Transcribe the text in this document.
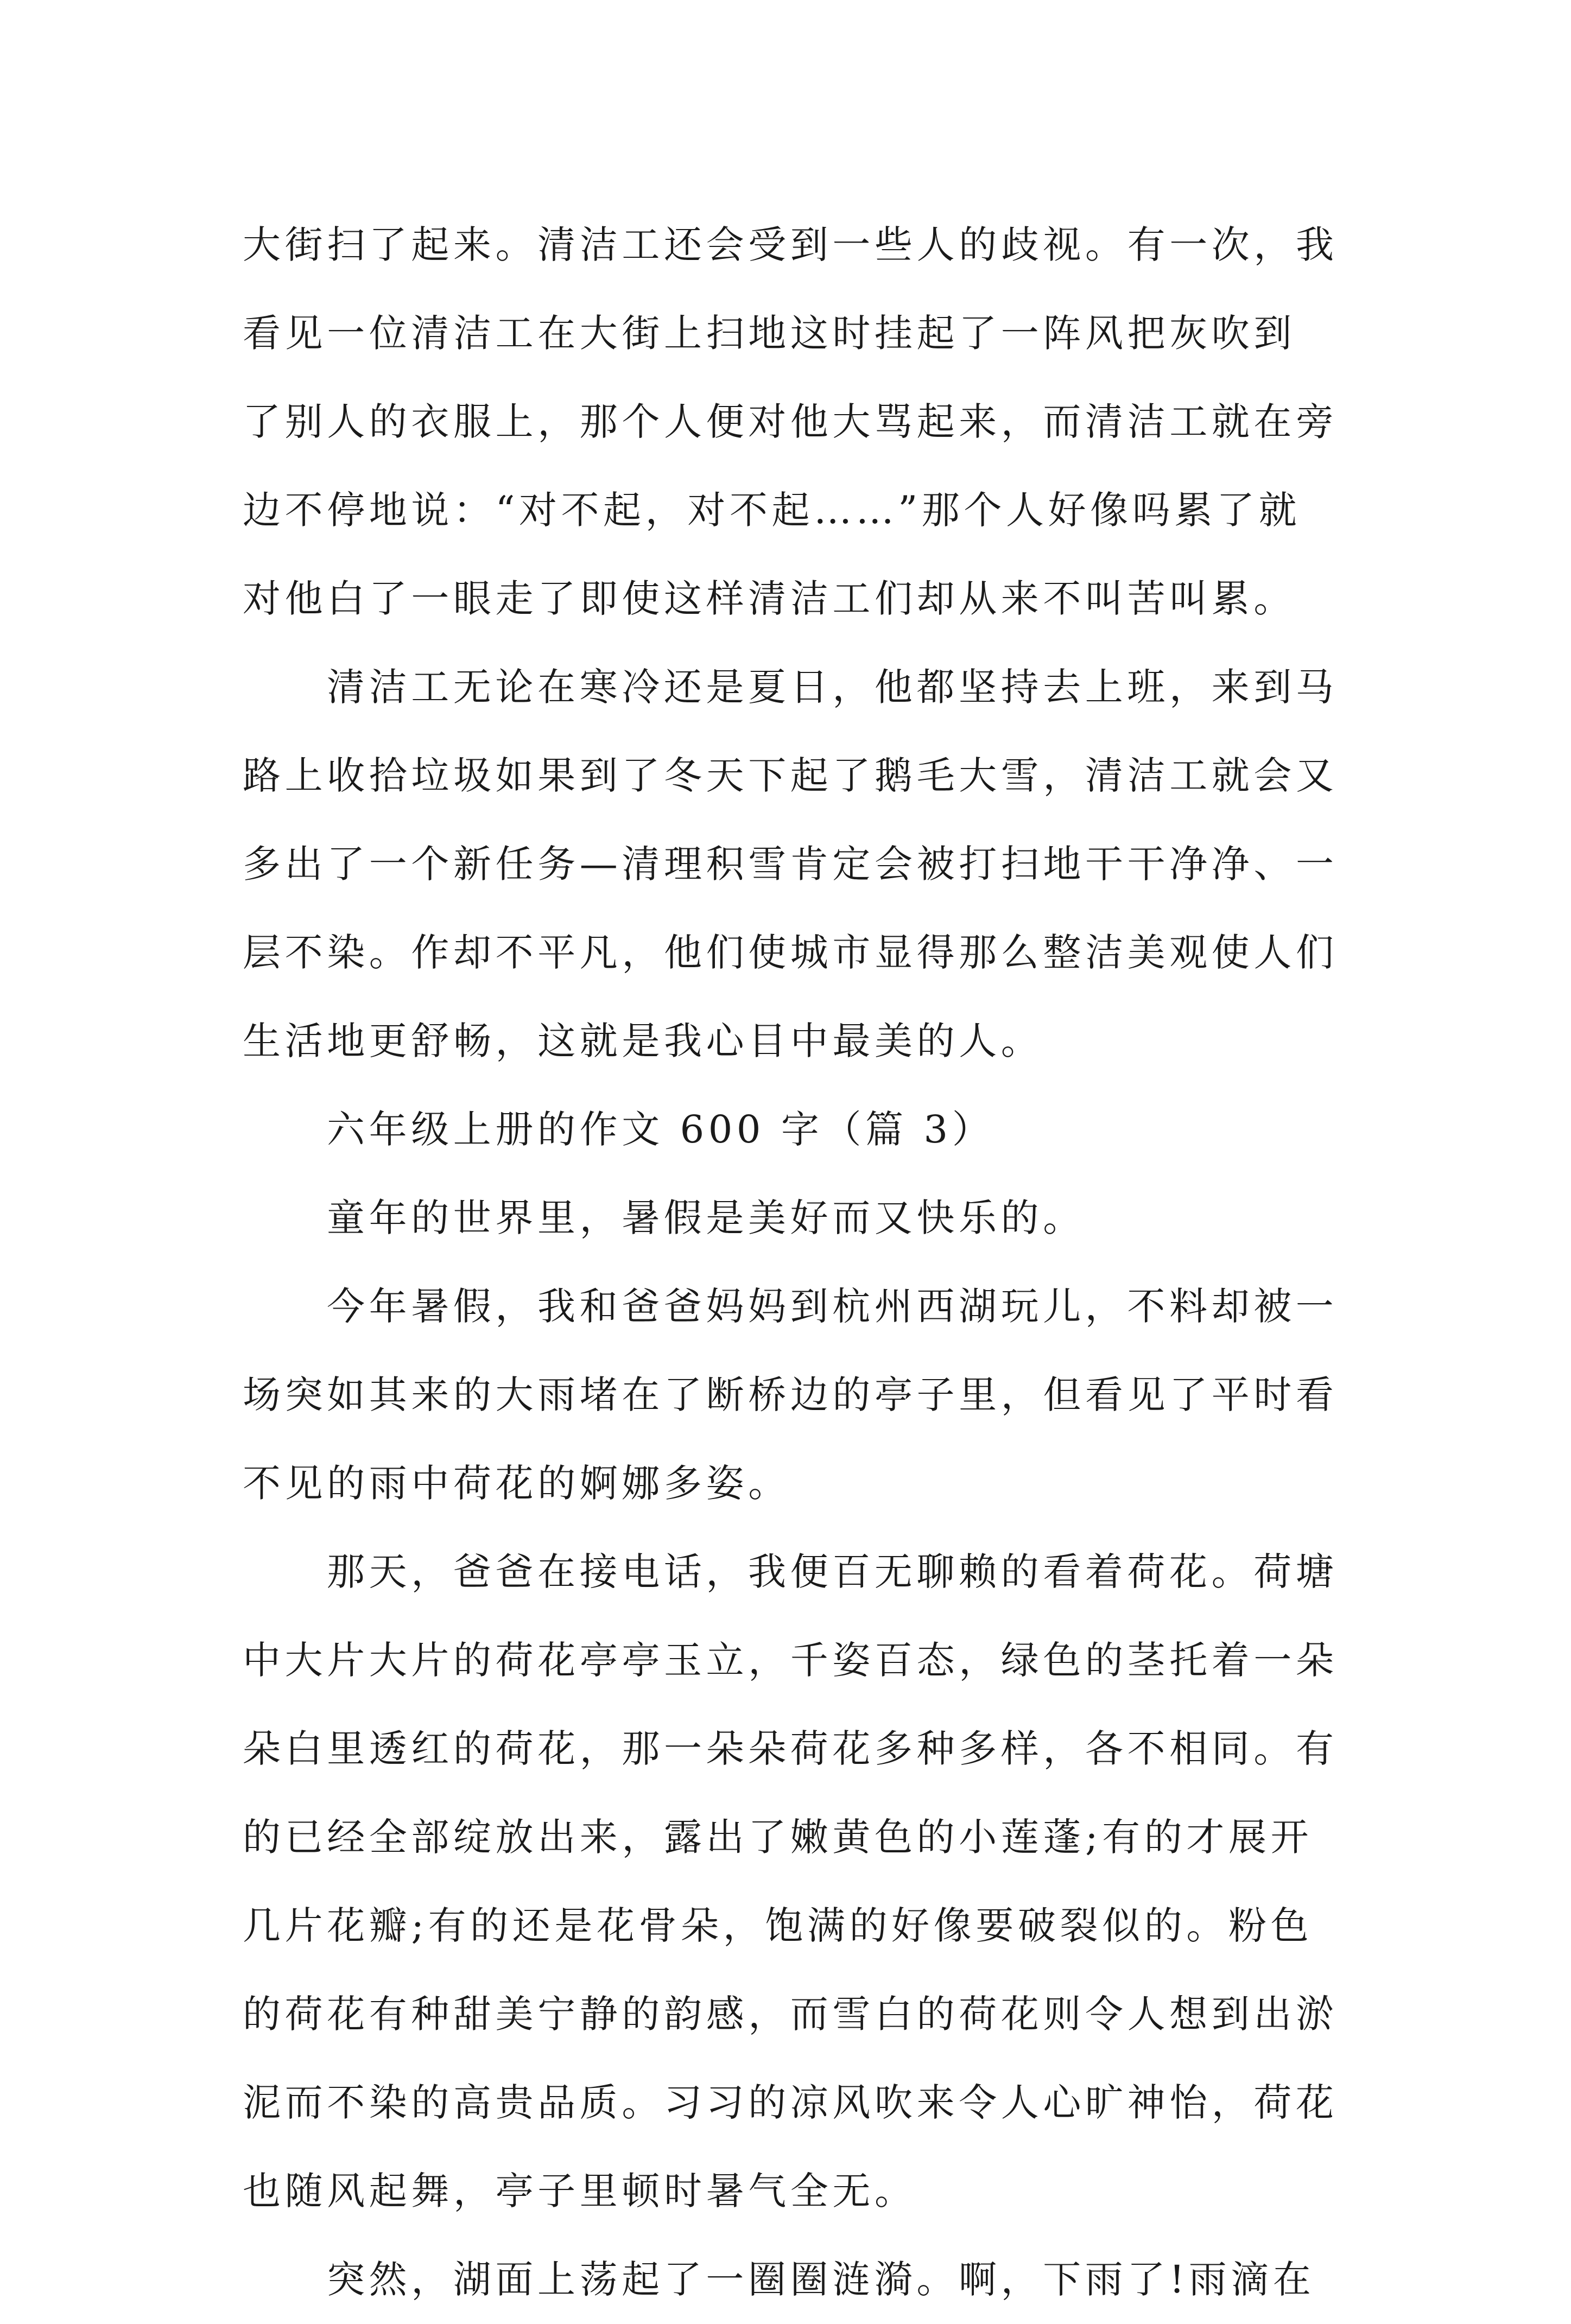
大街扫了起来。清洁工还会受到一些人的歧视。有一次，我
看见一位清洁工在大街上扫地这时挂起了一阵风把灰吹到
了别人的衣服上，那个人便对他大骂起来，而清洁工就在旁
边不停地说：“对不起，对不起……”那个人好像吗累了就
对他白了一眼走了即使这样清洁工们却从来不叫苦叫累。
清洁工无论在寒冷还是夏日，他都坚持去上班，来到马
路上收拾垃圾如果到了冬天下起了鹅毛大雪，清洁工就会又
多出了一个新任务—清理积雪肯定会被打扫地干干净净、一
层不染。作却不平凡，他们使城市显得那么整洁美观使人们
生活地更舒畅，这就是我心目中最美的人。
六年级上册的作文 600 字（篇 3）
童年的世界里，暑假是美好而又快乐的。
今年暑假，我和爸爸妈妈到杭州西湖玩儿，不料却被一
场突如其来的大雨堵在了断桥边的亭子里，但看见了平时看
不见的雨中荷花的婀娜多姿。
那天，爸爸在接电话，我便百无聊赖的看着荷花。荷塘
中大片大片的荷花亭亭玉立，千姿百态，绿色的茎托着一朵
朵白里透红的荷花，那一朵朵荷花多种多样，各不相同。有
的已经全部绽放出来，露出了嫩黄色的小莲蓬;有的才展开
几片花瓣;有的还是花骨朵，饱满的好像要破裂似的。粉色
的荷花有种甜美宁静的韵感，而雪白的荷花则令人想到出淤
泥而不染的高贵品质。习习的凉风吹来令人心旷神怡，荷花
也随风起舞，亭子里顿时暑气全无。
突然，湖面上荡起了一圈圈涟漪。啊，下雨了!雨滴在
